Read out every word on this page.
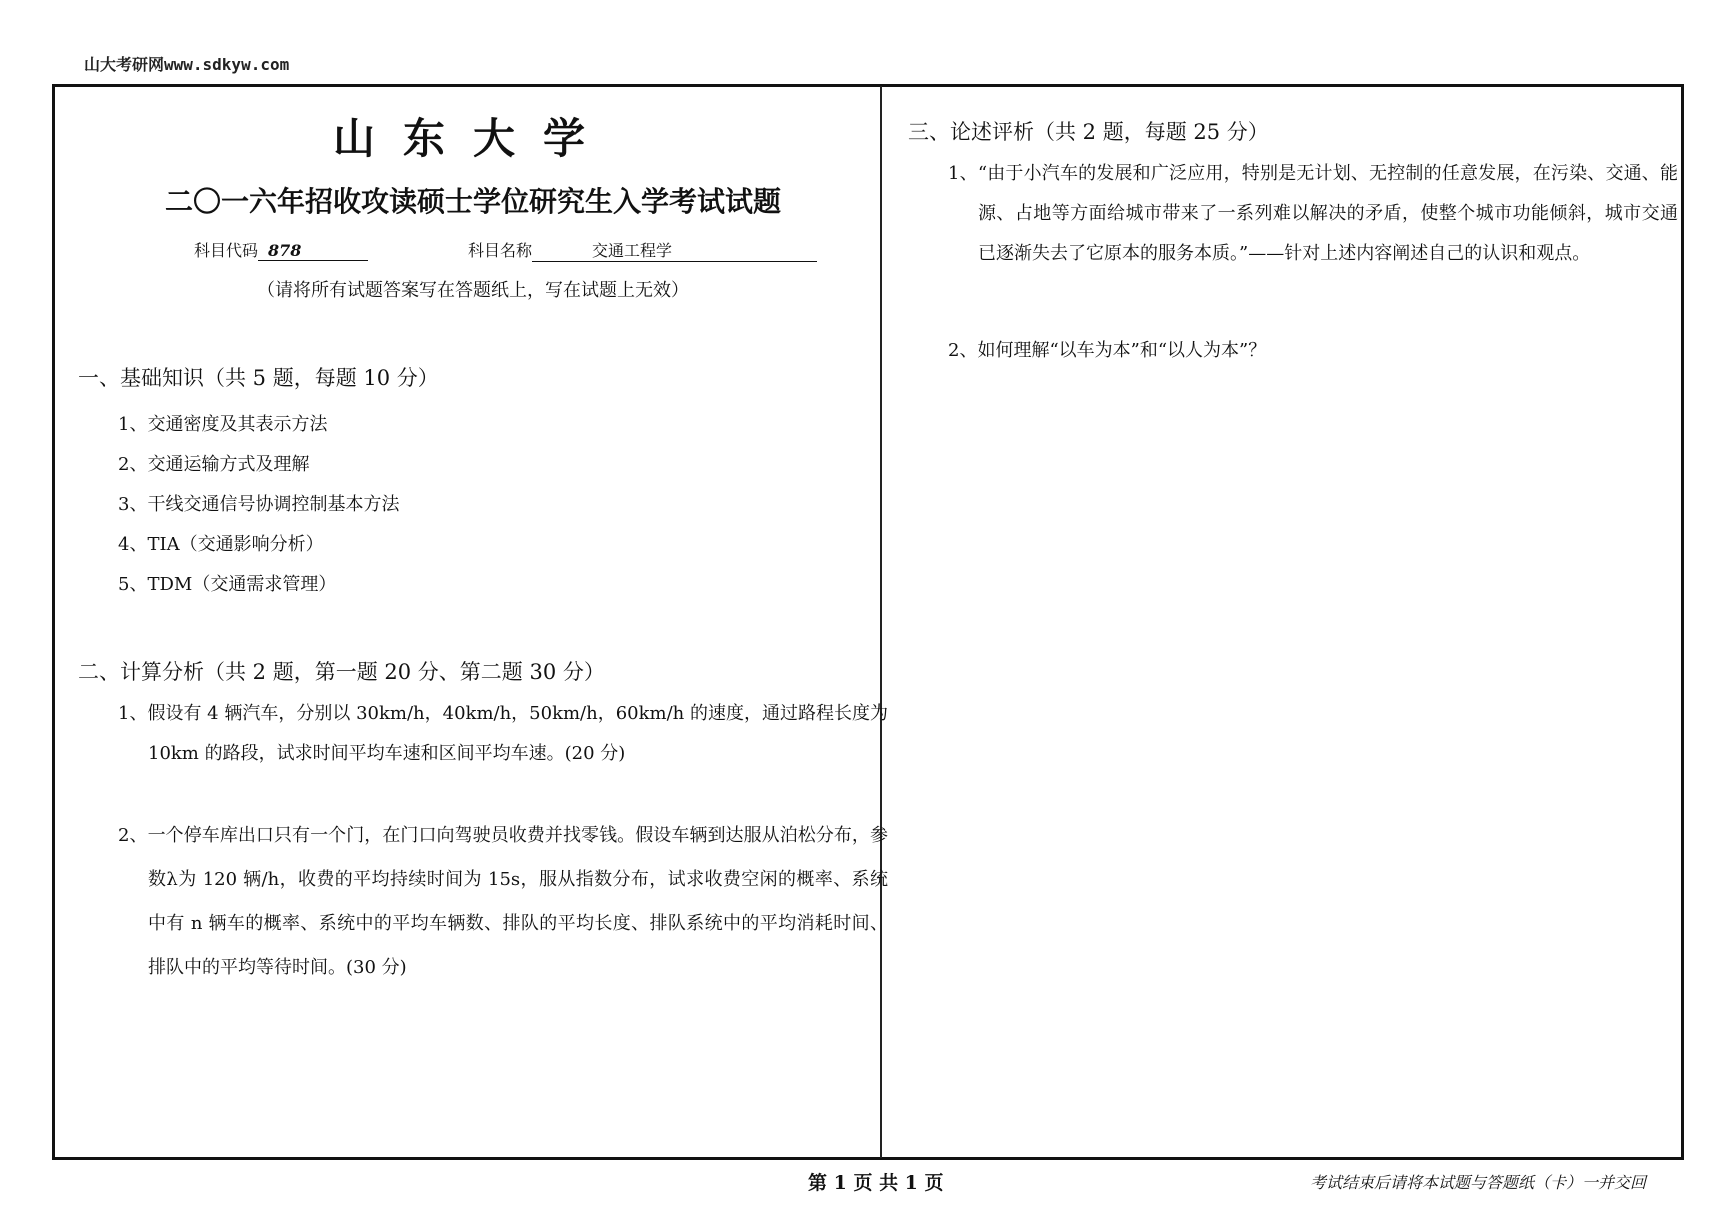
山大考研网www.sdkyw.com
山东大学
二〇一六年招收攻读硕士学位研究生入学考试试题
科目代码 878	科目名称	交通工程学
（请将所有试题答案写在答题纸上，写在试题上无效）
一、基础知识（共 5 题，每题 10 分）
1、交通密度及其表示方法
2、交通运输方式及理解
3、干线交通信号协调控制基本方法
4、TIA（交通影响分析）
5、TDM（交通需求管理）
二、计算分析（共 2 题，第一题 20 分、第二题 30 分）
1、假设有 4 辆汽车，分别以 30km/h，40km/h，50km/h，60km/h 的速度，通过路程长度为 10km 的路段，试求时间平均车速和区间平均车速。(20 分)
2、一个停车库出口只有一个门，在门口向驾驶员收费并找零钱。假设车辆到达服从泊松分布，参数λ为 120 辆/h，收费的平均持续时间为 15s，服从指数分布，试求收费空闲的概率、系统中有 n 辆车的概率、系统中的平均车辆数、排队的平均长度、排队系统中的平均消耗时间、排队中的平均等待时间。(30 分)
三、论述评析（共 2 题，每题 25 分）
1、“由于小汽车的发展和广泛应用，特别是无计划、无控制的任意发展，在污染、交通、能源、占地等方面给城市带来了一系列难以解决的矛盾，使整个城市功能倾斜，城市交通已逐渐失去了它原本的服务本质。”——针对上述内容阐述自己的认识和观点。
2、如何理解“以车为本”和“以人为本”？
第 1 页 共 1 页	考试结束后请将本试题与答题纸（卡）一并交回
